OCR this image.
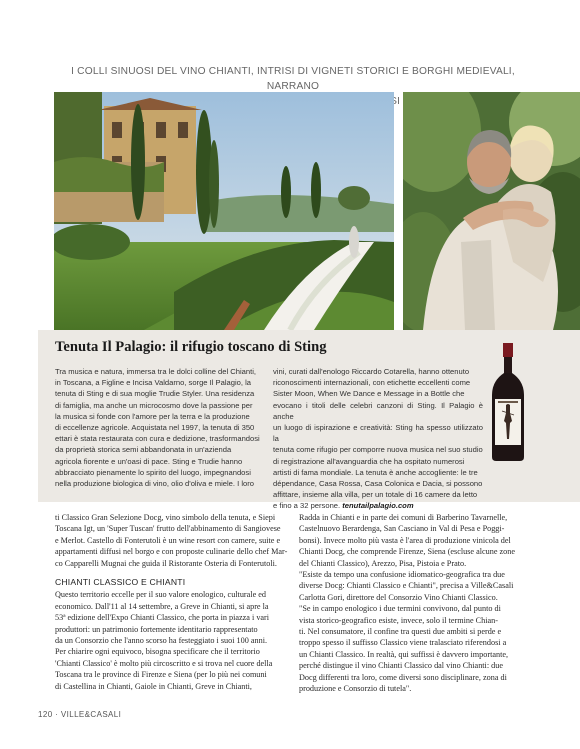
I COLLI SINUOSI DEL VINO CHIANTI, INTRISI DI VIGNETI STORICI E BORGHI MEDIEVALI, NARRANO
SI
Tenuta Il Palagio: il rifugio toscano di Sting
Tra musica e natura, immersa tra le dolci colline del Chianti,
in Toscana, a Figline e Incisa Valdarno, sorge Il Palagio, la
tenuta di Sting e di sua moglie Trudie Styler. Una residenza
di famiglia, ma anche un microcosmo dove la passione per
la musica si fonde con l'amore per la terra e la produzione
di eccellenze agricole. Acquistata nel 1997, la tenuta di 350
ettari è stata restaurata con cura e dedizione, trasformandosi
da proprietà storica semi abbandonata in un'azienda
agricola fiorente e un'oasi di pace. Sting e Trudie hanno
abbracciato pienamente lo spirito del luogo, impegnandosi
nella produzione biologica di vino, olio d'oliva e miele. I loro
vini, curati dall'enologo Riccardo Cotarella, hanno ottenuto
riconoscimenti internazionali, con etichette eccellenti come
Sister Moon, When We Dance e Message in a Bottle che
evocano i titoli delle celebri canzoni di Sting. Il Palagio è anche
un luogo di ispirazione e creatività: Sting ha spesso utilizzato la
tenuta come rifugio per comporre nuova musica nel suo studio
di registrazione all'avanguardia che ha ospitato numerosi
artisti di fama mondiale. La tenuta è anche accogliente: le tre
dépendance, Casa Rossa, Casa Colonica e Dacia, si possono
affittare, insieme alla villa, per un totale di 16 camere da letto
e fino a 32 persone. tenutailpalagio.com
ti Classico Gran Selezione Docg, vino simbolo della tenuta, e Siepi
Toscana Igt, un 'Super Tuscan' frutto dell'abbinamento di Sangiovese
e Merlot. Castello di Fonterutoli è un wine resort con camere, suite e
appartamenti diffusi nel borgo e con proposte culinarie dello chef Mar-
co Capparelli Mugnai che guida il Ristorante Osteria di Fonterutoli.
CHIANTI CLASSICO E CHIANTI
Questo territorio eccelle per il suo valore enologico, culturale ed
economico. Dall'11 al 14 settembre, a Greve in Chianti, si apre la
53ª edizione dell'Expo Chianti Classico, che porta in piazza i vari
produttori: un patrimonio fortemente identitario rappresentato
da un Consorzio che l'anno scorso ha festeggiato i suoi 100 anni.
Per chiarire ogni equivoco, bisogna specificare che il territorio
'Chianti Classico' è molto più circoscritto e si trova nel cuore della
Toscana tra le province di Firenze e Siena (per lo più nei comuni
di Castellina in Chianti, Gaiole in Chianti, Greve in Chianti,
Radda in Chianti e in parte dei comuni di Barberino Tavarnelle,
Castelnuovo Berardenga, San Casciano in Val di Pesa e Poggi-
bonsi). Invece molto più vasta è l'area di produzione vinicola del
Chianti Docg, che comprende Firenze, Siena (escluse alcune zone
del Chianti Classico), Arezzo, Pisa, Pistoia e Prato.
"Esiste da tempo una confusione idiomatico-geografica tra due
diverse Docg: Chianti Classico e Chianti", precisa a Ville&Casali
Carlotta Gori, direttore del Consorzio Vino Chianti Classico.
"Se in campo enologico i due termini convivono, dal punto di
vista storico-geografico esiste, invece, solo il termine Chian-
ti. Nel consumatore, il confine tra questi due ambiti si perde e
troppo spesso il suffisso Classico viene tralasciato riferendosi a
un Chianti Classico. In realtà, qui suffissi è davvero importante,
perché distingue il vino Chianti Classico dal vino Chianti: due
Docg differenti tra loro, come diversi sono disciplinare, zona di
produzione e Consorzio di tutela".
120 · VILLE&CASALI
